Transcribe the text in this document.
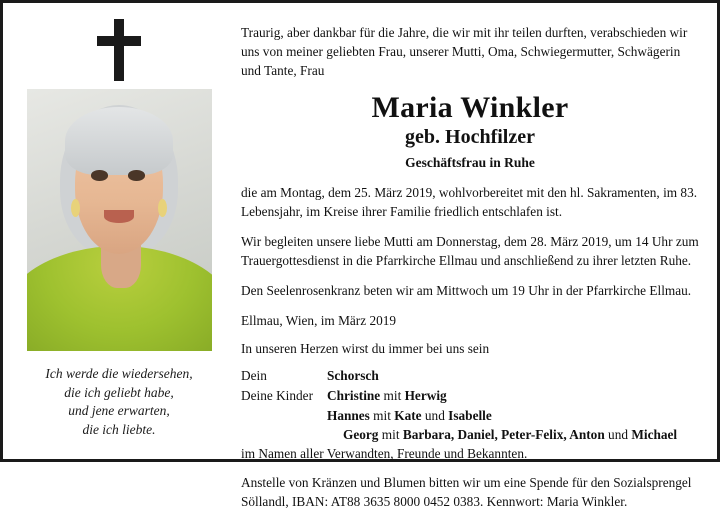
Ich werde die wiedersehen,
die ich geliebt habe,
und jene erwarten,
die ich liebte.

Traurig, aber dankbar für die Jahre, die wir mit ihr teilen durften, verabschieden wir uns von meiner geliebten Frau, unserer Mutti, Oma, Schwiegermutter, Schwägerin und Tante, Frau

Maria Winkler
geb. Hochfilzer
Geschäftsfrau in Ruhe

die am Montag, dem 25. März 2019, wohlvorbereitet mit den hl. Sakramenten, im 83. Lebensjahr, im Kreise ihrer Familie friedlich entschlafen ist.

Wir begleiten unsere liebe Mutti am Donnerstag, dem 28. März 2019, um 14 Uhr zum Trauergottesdienst in die Pfarrkirche Ellmau und anschließend zu ihrer letzten Ruhe.

Den Seelenrosenkranz beten wir am Mittwoch um 19 Uhr in der Pfarrkirche Ellmau.

Ellmau, Wien, im März 2019

In unseren Herzen wirst du immer bei uns sein

Dein	Schorsch
Deine Kinder	Christine mit Herwig
Hannes mit Kate und Isabelle
Georg mit Barbara, Daniel, Peter-Felix, Anton und Michael
im Namen aller Verwandten, Freunde und Bekannten.

Anstelle von Kränzen und Blumen bitten wir um eine Spende für den Sozialsprengel Söllandl, IBAN: AT88 3635 8000 0452 0383. Kennwort: Maria Winkler.
